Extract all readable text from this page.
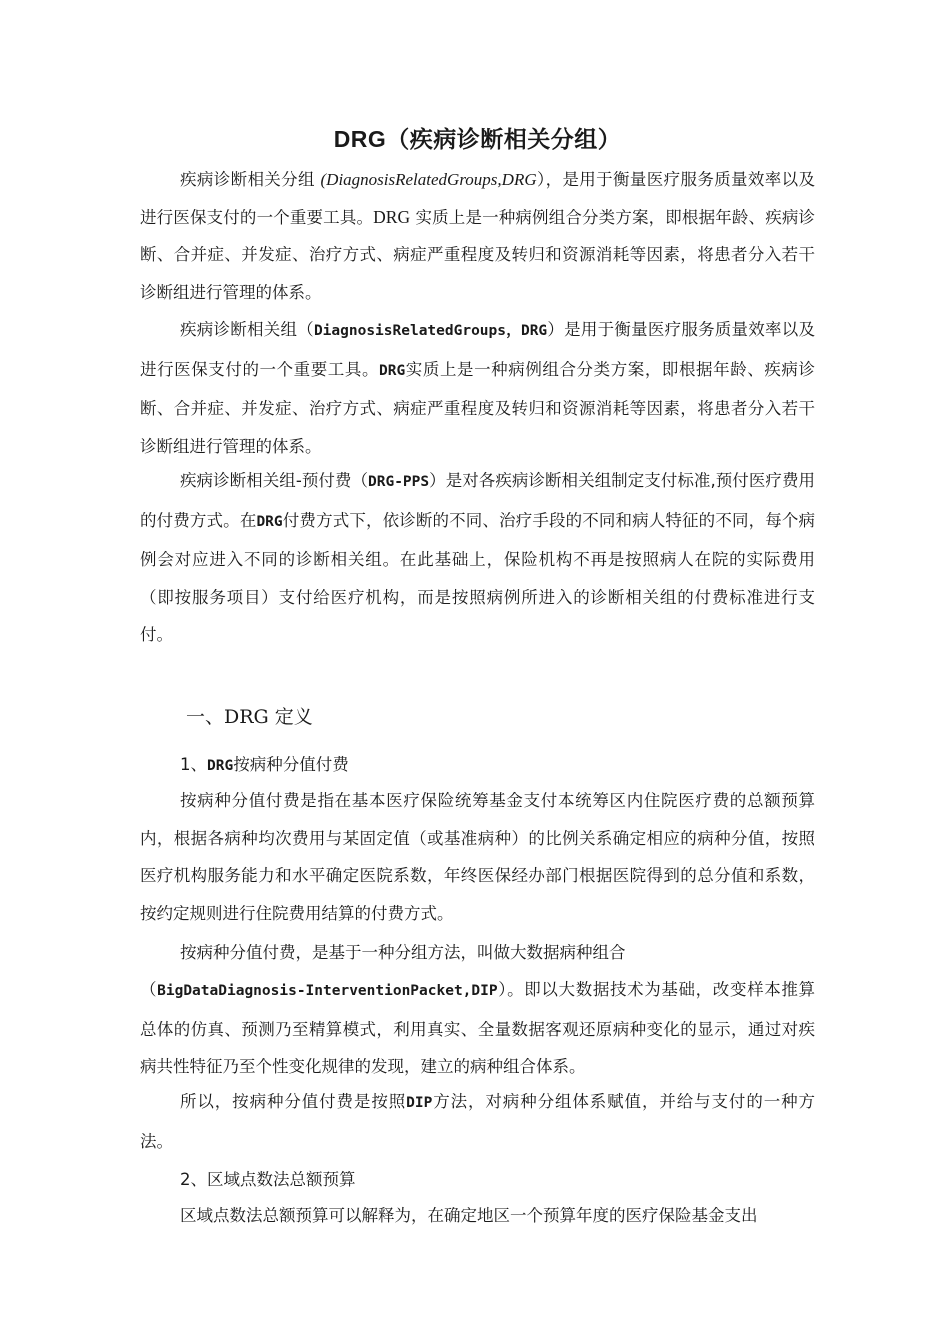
DRG（疾病诊断相关分组）

疾病诊断相关分组 (DiagnosisRelatedGroups,DRG），是用于衡量医疗服务质量效率以及进行医保支付的一个重要工具。DRG 实质上是一种病例组合分类方案，即根据年龄、疾病诊断、合并症、并发症、治疗方式、病症严重程度及转归和资源消耗等因素，将患者分入若干诊断组进行管理的体系。

疾病诊断相关组（DiagnosisRelatedGroups，DRG）是用于衡量医疗服务质量效率以及进行医保支付的一个重要工具。DRG实质上是一种病例组合分类方案，即根据年龄、疾病诊断、合并症、并发症、治疗方式、病症严重程度及转归和资源消耗等因素，将患者分入若干诊断组进行管理的体系。

疾病诊断相关组-预付费（DRG-PPS）是对各疾病诊断相关组制定支付标准,预付医疗费用的付费方式。在DRG付费方式下，依诊断的不同、治疗手段的不同和病人特征的不同，每个病例会对应进入不同的诊断相关组。在此基础上，保险机构不再是按照病人在院的实际费用（即按服务项目）支付给医疗机构，而是按照病例所进入的诊断相关组的付费标准进行支付。

一、DRG 定义
1、DRG按病种分值付费

按病种分值付费是指在基本医疗保险统筹基金支付本统筹区内住院医疗费的总额预算内，根据各病种均次费用与某固定值（或基准病种）的比例关系确定相应的病种分值，按照医疗机构服务能力和水平确定医院系数，年终医保经办部门根据医院得到的总分值和系数，按约定规则进行住院费用结算的付费方式。

按病种分值付费，是基于一种分组方法，叫做大数据病种组合

（BigDataDiagnosis-InterventionPacket,DIP）。即以大数据技术为基础，改变样本推算总体的仿真、预测乃至精算模式，利用真实、全量数据客观还原病种变化的显示，通过对疾病共性特征乃至个性变化规律的发现，建立的病种组合体系。

所以，按病种分值付费是按照DIP方法，对病种分组体系赋值，并给与支付的一种方法。

2、区域点数法总额预算

区域点数法总额预算可以解释为，在确定地区一个预算年度的医疗保险基金支出
